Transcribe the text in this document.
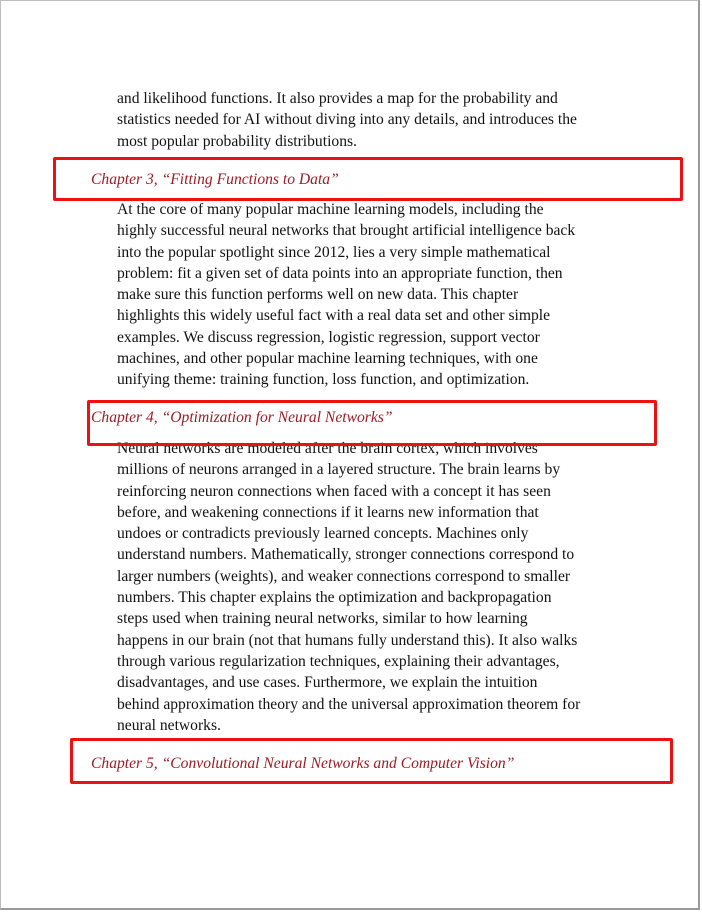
and likelihood functions. It also provides a map for the probability and
statistics needed for AI without diving into any details, and introduces the
most popular probability distributions.

Chapter 3, “Fitting Functions to Data”

At the core of many popular machine learning models, including the
highly successful neural networks that brought artificial intelligence back
into the popular spotlight since 2012, lies a very simple mathematical
problem: fit a given set of data points into an appropriate function, then
make sure this function performs well on new data. This chapter
highlights this widely useful fact with a real data set and other simple
examples. We discuss regression, logistic regression, support vector
machines, and other popular machine learning techniques, with one
unifying theme: training function, loss function, and optimization.

Chapter 4, “Optimization for Neural Networks”

Neural networks are modeled after the brain cortex, which involves
millions of neurons arranged in a layered structure. The brain learns by
reinforcing neuron connections when faced with a concept it has seen
before, and weakening connections if it learns new information that
undoes or contradicts previously learned concepts. Machines only
understand numbers. Mathematically, stronger connections correspond to
larger numbers (weights), and weaker connections correspond to smaller
numbers. This chapter explains the optimization and backpropagation
steps used when training neural networks, similar to how learning
happens in our brain (not that humans fully understand this). It also walks
through various regularization techniques, explaining their advantages,
disadvantages, and use cases. Furthermore, we explain the intuition
behind approximation theory and the universal approximation theorem for
neural networks.

Chapter 5, “Convolutional Neural Networks and Computer Vision”
